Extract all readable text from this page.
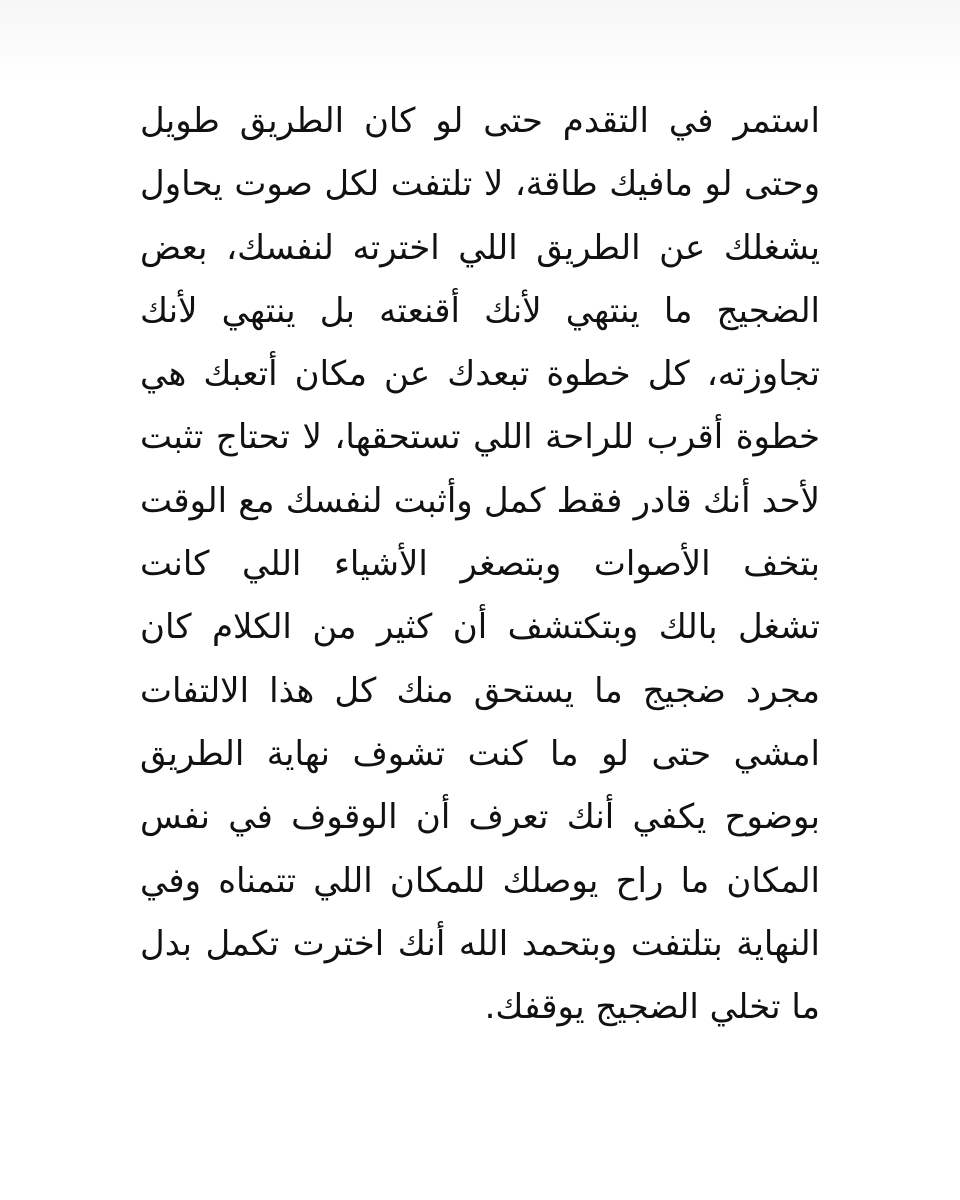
استمر في التقدم حتى لو كان الطريق طويل
وحتى لو مافيك طاقة، لا تلتفت لكل صوت يحاول
يشغلك عن الطريق اللي اخترته لنفسك، بعض
الضجيج ما ينتهي لأنك أقنعته بل ينتهي لأنك
تجاوزته، كل خطوة تبعدك عن مكان أتعبك هي
خطوة أقرب للراحة اللي تستحقها، لا تحتاج تثبت
لأحد أنك قادر فقط كمل وأثبت لنفسك مع الوقت
بتخف الأصوات وبتصغر الأشياء اللي كانت
تشغل بالك وبتكتشف أن كثير من الكلام كان
مجرد ضجيج ما يستحق منك كل هذا الالتفات
امشي حتى لو ما كنت تشوف نهاية الطريق
بوضوح يكفي أنك تعرف أن الوقوف في نفس
المكان ما راح يوصلك للمكان اللي تتمناه وفي
النهاية بتلتفت وبتحمد الله أنك اخترت تكمل بدل
ما تخلي الضجيج يوقفك.
